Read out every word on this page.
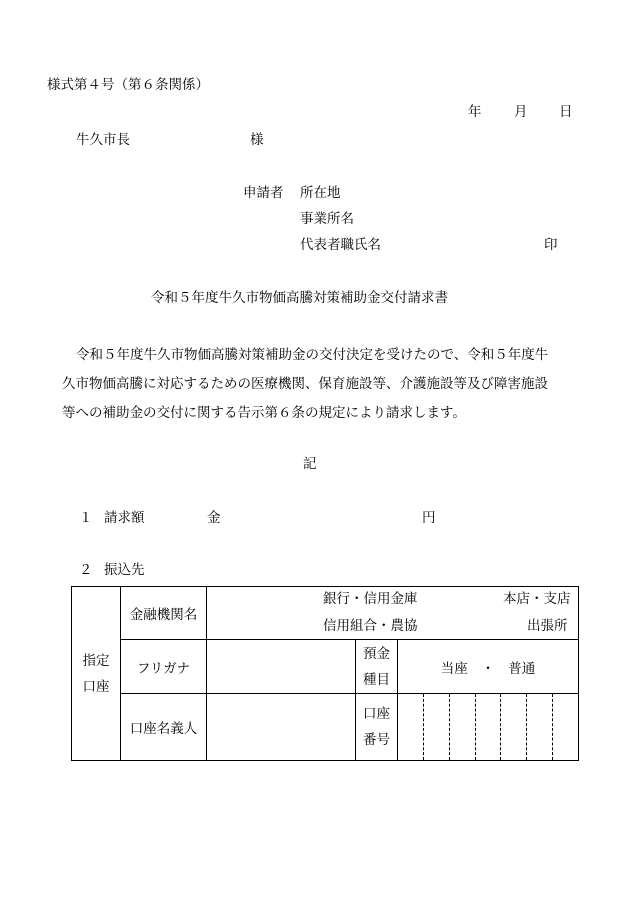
様式第４号（第６条関係）
年 月 日
牛久市長	様
申請者 所在地
事業所名
代表者職氏名	印
令和５年度牛久市物価高騰対策補助金交付請求書
令和５年度牛久市物価高騰対策補助金の交付決定を受けたので、令和５年度牛
久市物価高騰に対応するための医療機関、保育施設等、介護施設等及び障害施設
等への補助金の交付に関する告示第６条の規定により請求します。
記
１ 請求額	金	円
２ 振込先
指定
口座	金融機関名	銀行・信用金庫 本店・支店
信用組合・農協 出張所		

	フリガナ		預金
種目	当座　・　普通
	口座名義人		口座
番号	
